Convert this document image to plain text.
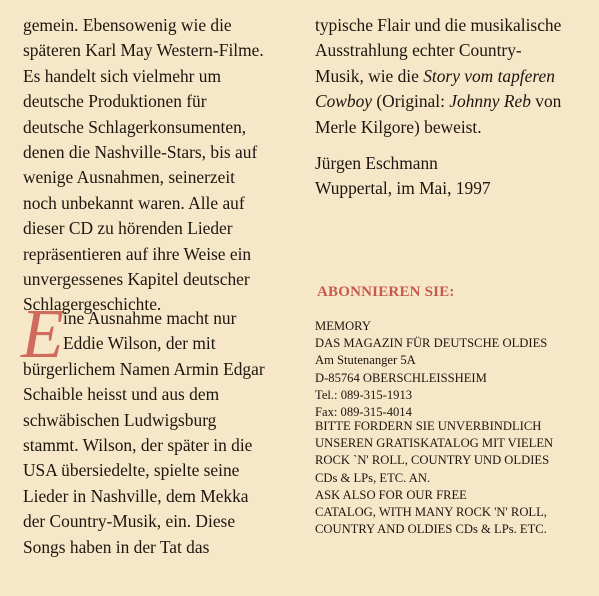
gemein. Ebensowenig wie die

späteren Karl May Western-Filme.

Es handelt sich vielmehr um

deutsche Produktionen für

deutsche Schlagerkonsumenten,

denen die Nashville-Stars, bis auf

wenige Ausnahmen, seinerzeit

noch unbekannt waren. Alle auf

dieser CD zu hörenden Lieder

repräsentieren auf ihre Weise ein

unvergessenes Kapitel deutscher

Schlagergeschichte.

E ine Ausnahme macht nur

Eddie Wilson, der mit

bürgerlichem Namen Armin Edgar

Schaible heisst und aus dem

schwäbischen Ludwigsburg

stammt. Wilson, der später in die

USA übersiedelte, spielte seine

Lieder in Nashville, dem Mekka

der Country-Musik, ein. Diese

Songs haben in der Tat das

typische Flair und die musikalische

Ausstrahlung echter Country-

Musik, wie die Story vom tapferen

Cowboy (Original: Johnny Reb von

Merle Kilgore) beweist.

Jürgen Eschmann

Wuppertal, im Mai, 1997

ABONNIEREN SIE:

MEMORY

DAS MAGAZIN FÜR DEUTSCHE OLDIES

Am Stutenanger 5A

D-85764 OBERSCHLEISSHEIM

Tel.: 089-315-1913

Fax: 089-315-4014

BITTE FORDERN SIE UNVERBINDLICH

UNSEREN GRATISKATALOG MIT VIELEN

ROCK `N' ROLL, COUNTRY UND OLDIES

CDs & LPs, ETC. AN.

ASK ALSO FOR OUR FREE

CATALOG, WITH MANY ROCK 'N' ROLL,

COUNTRY AND OLDIES CDs & LPs. ETC.
